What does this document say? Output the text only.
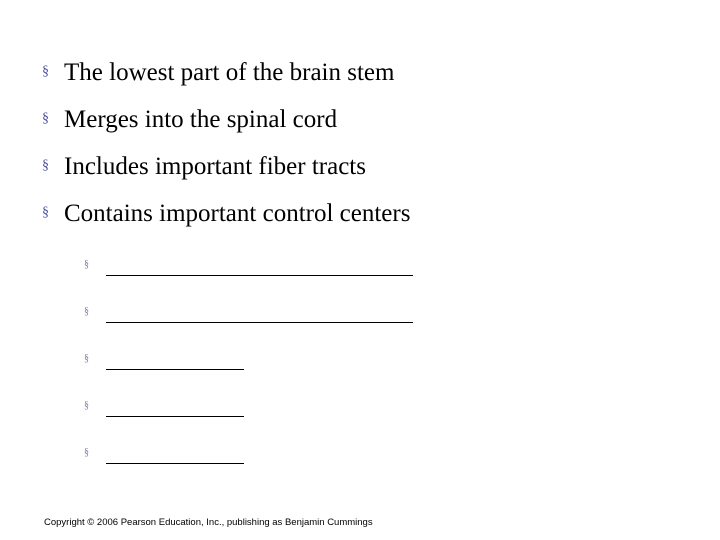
§ The lowest part of the brain stem
§ Merges into the spinal cord
§ Includes important fiber tracts
§ Contains important control centers
§
§
§
§
§
Copyright © 2006 Pearson Education, Inc., publishing as Benjamin Cummings
